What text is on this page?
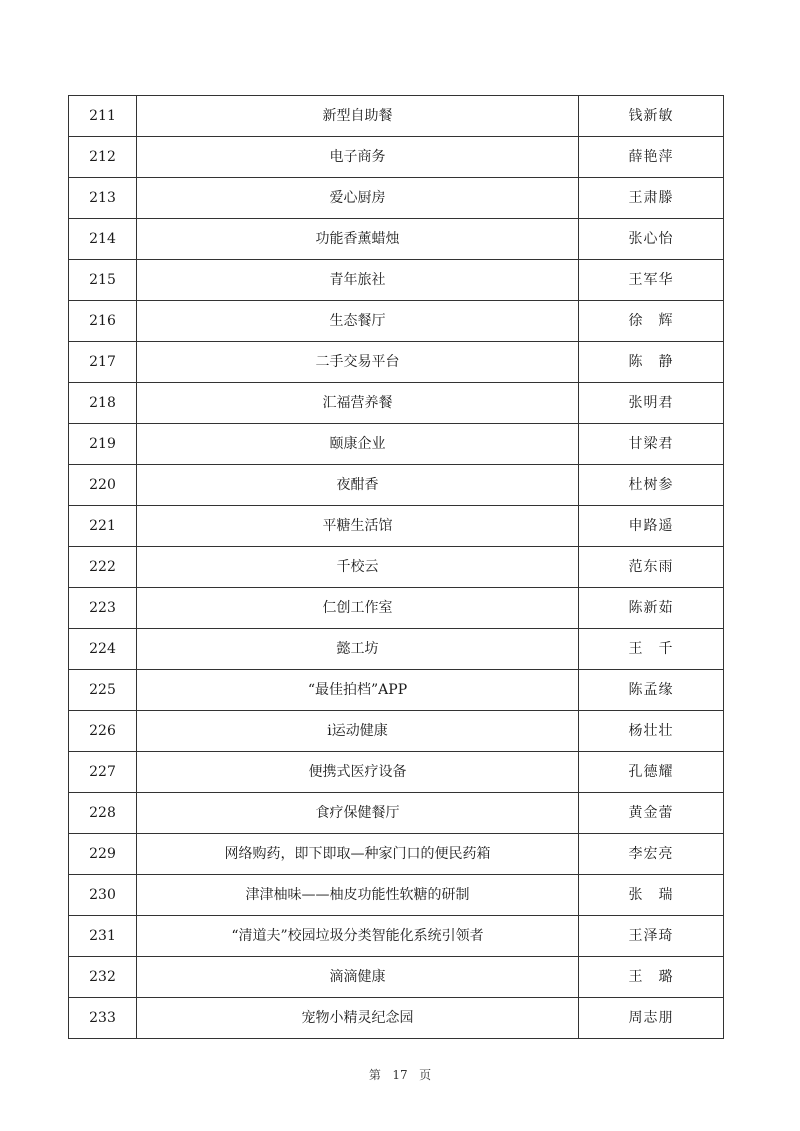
211	新型自助餐	钱新敏
212	电子商务	薛艳萍
213	爱心厨房	王肃滕
214	功能香薰蜡烛	张心怡
215	青年旅社	王军华
216	生态餐厅	徐　辉
217	二手交易平台	陈　静
218	汇福营养餐	张明君
219	颐康企业	甘梁君
220	夜酣香	杜树参
221	平糖生活馆	申路遥
222	千校云	范东雨
223	仁创工作室	陈新茹
224	懿工坊	王　千
225	“最佳拍档”APP	陈孟缘
226	i运动健康	杨壮壮
227	便携式医疗设备	孔德耀
228	食疗保健餐厅	黄金蕾
229	网络购药，即下即取—种家门口的便民药箱	李宏亮
230	津津柚味——柚皮功能性软糖的研制	张　瑞
231	“清道夫”校园垃圾分类智能化系统引领者	王泽琦
232	滴滴健康	王　璐
233	宠物小精灵纪念园	周志朋
第 17 页
